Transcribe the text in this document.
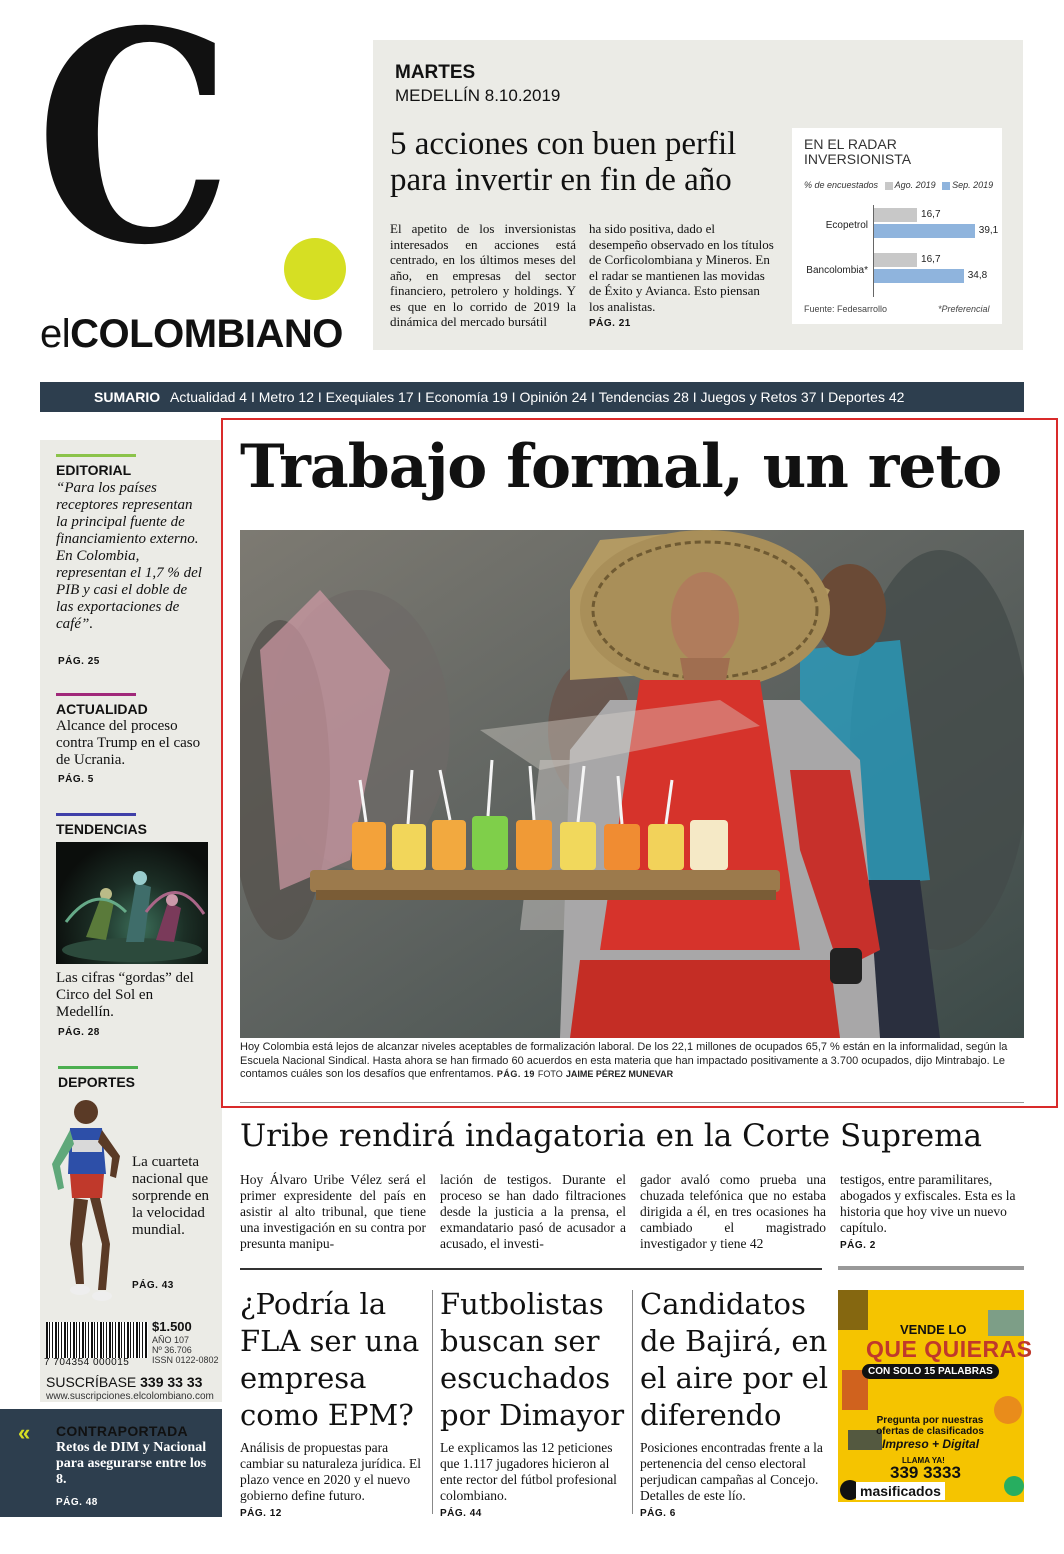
C
elCOLOMBIANO
MARTES
MEDELLÍN 8.10.2019
5 acciones con buen perfil para invertir en fin de año
El apetito de los inversionistas interesados en acciones está centrado, en los últimos meses del año, en empresas del sector financiero, petrolero y holdings. Y es que en lo corrido de 2019 la dinámica del mercado bursátil
ha sido positiva, dado el desempeño observado en los títulos de Corficolombiana y Mineros. En el radar se mantienen las movidas de Éxito y Avianca. Esto piensan los analistas.
PÁG. 21
EN EL RADAR INVERSIONISTA
% de encuestados Ago. 2019 Sep. 2019
Ecopetrol
16,7
39,1
Bancolombia*
16,7
34,8
Fuente: Fedesarrollo	*Preferencial
SUMARIO Actualidad 4 I Metro 12 I Exequiales 17 I Economía 19 I Opinión 24 I Tendencias 28 I Juegos y Retos 37 I Deportes 42
EDITORIAL
“Para los países receptores representan la principal fuente de financiamiento externo. En Colombia, representan el 1,7 % del PIB y casi el doble de las exportaciones de café”.
PÁG. 25
ACTUALIDAD
Alcance del proceso contra Trump en el caso de Ucrania.
PÁG. 5
TENDENCIAS
Las cifras “gordas” del Circo del Sol en Medellín.
PÁG. 28
DEPORTES
La cuarteta nacional que sorprende en la velocidad mundial.
PÁG. 43
7 704354 000015
$1.500
AÑO 107
Nº 36.706
ISSN 0122-0802
SUSCRÍBASE 339 33 33
www.suscripciones.elcolombiano.com
« CONTRAPORTADA
Retos de DIM y Nacional para asegurarse entre los 8.
PÁG. 48
Trabajo formal, un reto
Hoy Colombia está lejos de alcanzar niveles aceptables de formalización laboral. De los 22,1 millones de ocupados 65,7 % están en la informalidad, según la Escuela Nacional Sindical. Hasta ahora se han firmado 60 acuerdos en esta materia que han impactado positivamente a 3.700 ocupados, dijo Mintrabajo. Le contamos cuáles son los desafíos que enfrentamos. PÁG. 19 FOTO JAIME PÉREZ MUNEVAR
Uribe rendirá indagatoria en la Corte Suprema
Hoy Álvaro Uribe Vélez será el primer expresidente del país en asistir al alto tribunal, que tiene una investigación en su contra por presunta manipu-
lación de testigos. Durante el proceso se han dado filtraciones desde la justicia a la prensa, el exmandatario pasó de acusador a acusado, el investi-
gador avaló como prueba una chuzada telefónica que no estaba dirigida a él, en tres ocasiones ha cambiado el magistrado investigador y tiene 42
testigos, entre paramilitares, abogados y exfiscales. Esta es la historia que hoy vive un nuevo capítulo.
PÁG. 2
¿Podría la FLA ser una empresa como EPM?
Análisis de propuestas para cambiar su naturaleza jurídica. El plazo vence en 2020 y el nuevo gobierno define futuro.
PÁG. 12
Futbolistas buscan ser escuchados por Dimayor
Le explicamos las 12 peticiones que 1.117 jugadores hicieron al ente rector del fútbol profesional colombiano.
PÁG. 44
Candidatos de Bajirá, en el aire por el diferendo
Posiciones encontradas frente a la pertenencia del censo electoral perjudican campañas al Concejo. Detalles de este lío.
PÁG. 6
VENDE LO
QUE QUIERAS
CON SOLO 15 PALABRAS
Pregunta por nuestras ofertas de clasificados
Impreso + Digital
LLAMA YA!
339 3333
masificados
